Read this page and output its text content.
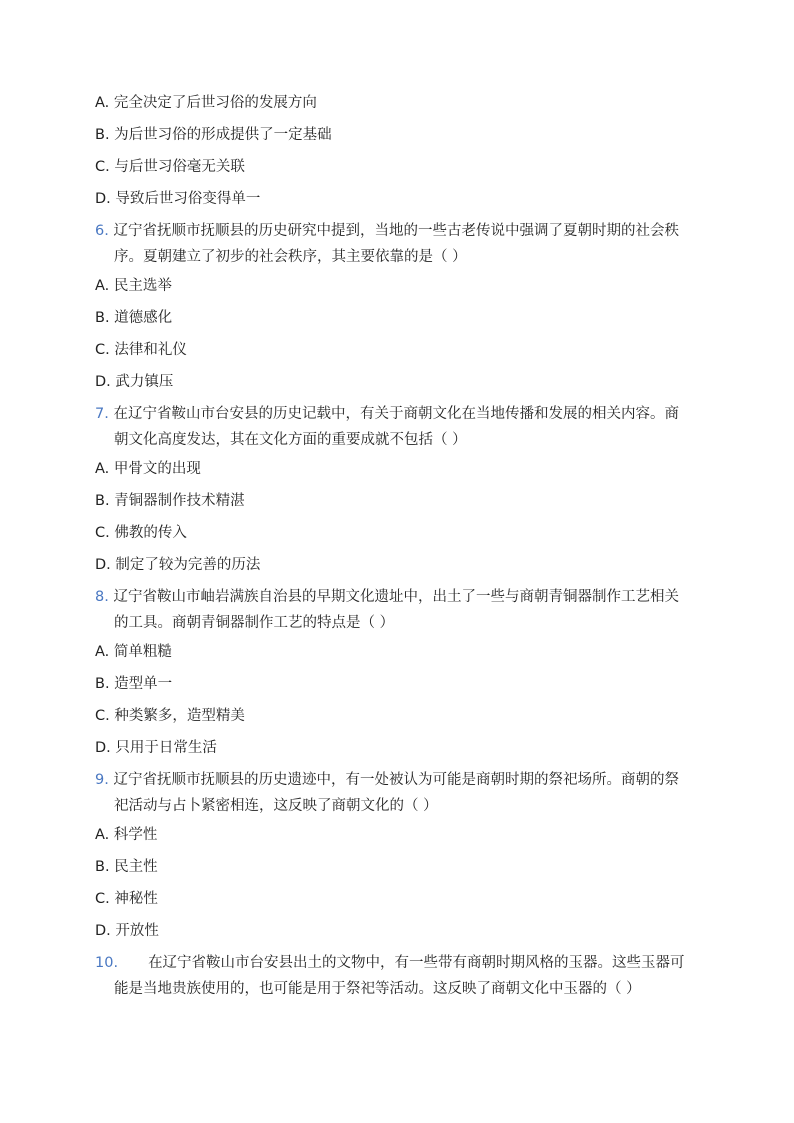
A. 完全决定了后世习俗的发展方向
B. 为后世习俗的形成提供了一定基础
C. 与后世习俗毫无关联
D. 导致后世习俗变得单一
6. 辽宁省抚顺市抚顺县的历史研究中提到，当地的一些古老传说中强调了夏朝时期的社会秩
序。夏朝建立了初步的社会秩序，其主要依靠的是（ ）
A. 民主选举
B. 道德感化
C. 法律和礼仪
D. 武力镇压
7. 在辽宁省鞍山市台安县的历史记载中，有关于商朝文化在当地传播和发展的相关内容。商
朝文化高度发达，其在文化方面的重要成就不包括（ ）
A. 甲骨文的出现
B. 青铜器制作技术精湛
C. 佛教的传入
D. 制定了较为完善的历法
8. 辽宁省鞍山市岫岩满族自治县的早期文化遗址中，出土了一些与商朝青铜器制作工艺相关
的工具。商朝青铜器制作工艺的特点是（ ）
A. 简单粗糙
B. 造型单一
C. 种类繁多，造型精美
D. 只用于日常生活
9. 辽宁省抚顺市抚顺县的历史遗迹中，有一处被认为可能是商朝时期的祭祀场所。商朝的祭
祀活动与占卜紧密相连，这反映了商朝文化的（ ）
A. 科学性
B. 民主性
C. 神秘性
D. 开放性
10. 在辽宁省鞍山市台安县出土的文物中，有一些带有商朝时期风格的玉器。这些玉器可
能是当地贵族使用的，也可能是用于祭祀等活动。这反映了商朝文化中玉器的（ ）
